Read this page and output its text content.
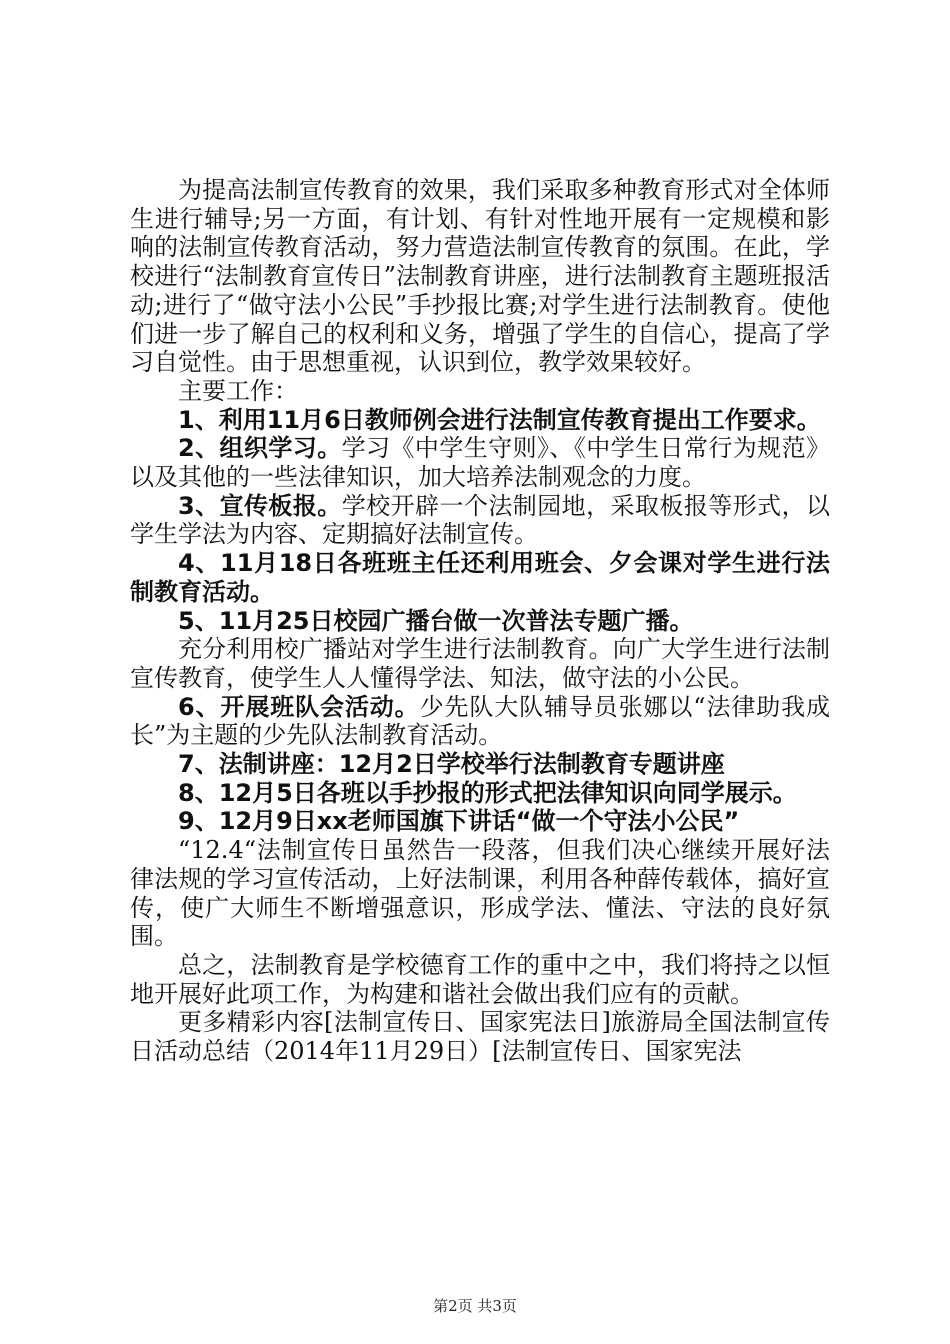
为提高法制宣传教育的效果，我们采取多种教育形式对全体师生进行辅导;另一方面，有计划、有针对性地开展有一定规模和影响的法制宣传教育活动，努力营造法制宣传教育的氛围。在此，学校进行“法制教育宣传日”法制教育讲座，进行法制教育主题班报活动;进行了“做守法小公民”手抄报比赛;对学生进行法制教育。使他们进一步了解自己的权利和义务，增强了学生的自信心，提高了学习自觉性。由于思想重视，认识到位，教学效果较好。

主要工作：

1、利用11月6日教师例会进行法制宣传教育提出工作要求。

2、组织学习。学习《中学生守则》、《中学生日常行为规范》以及其他的一些法律知识，加大培养法制观念的力度。

3、宣传板报。学校开辟一个法制园地，采取板报等形式，以学生学法为内容、定期搞好法制宣传。

4、11月18日各班班主任还利用班会、夕会课对学生进行法制教育活动。

5、11月25日校园广播台做一次普法专题广播。

充分利用校广播站对学生进行法制教育。向广大学生进行法制宣传教育，使学生人人懂得学法、知法，做守法的小公民。

6、开展班队会活动。少先队大队辅导员张娜以“法律助我成长”为主题的少先队法制教育活动。

7、法制讲座：12月2日学校举行法制教育专题讲座

8、12月5日各班以手抄报的形式把法律知识向同学展示。

9、12月9日xx老师国旗下讲话“做一个守法小公民”

“12.4“法制宣传日虽然告一段落，但我们决心继续开展好法律法规的学习宣传活动，上好法制课，利用各种薛传载体，搞好宣传，使广大师生不断增强意识，形成学法、懂法、守法的良好氛围。

总之，法制教育是学校德育工作的重中之中，我们将持之以恒地开展好此项工作，为构建和谐社会做出我们应有的贡献。

更多精彩内容[法制宣传日、国家宪法日]旅游局全国法制宣传日活动总结（2014年11月29日）[法制宣传日、国家宪法

第2页 共3页
